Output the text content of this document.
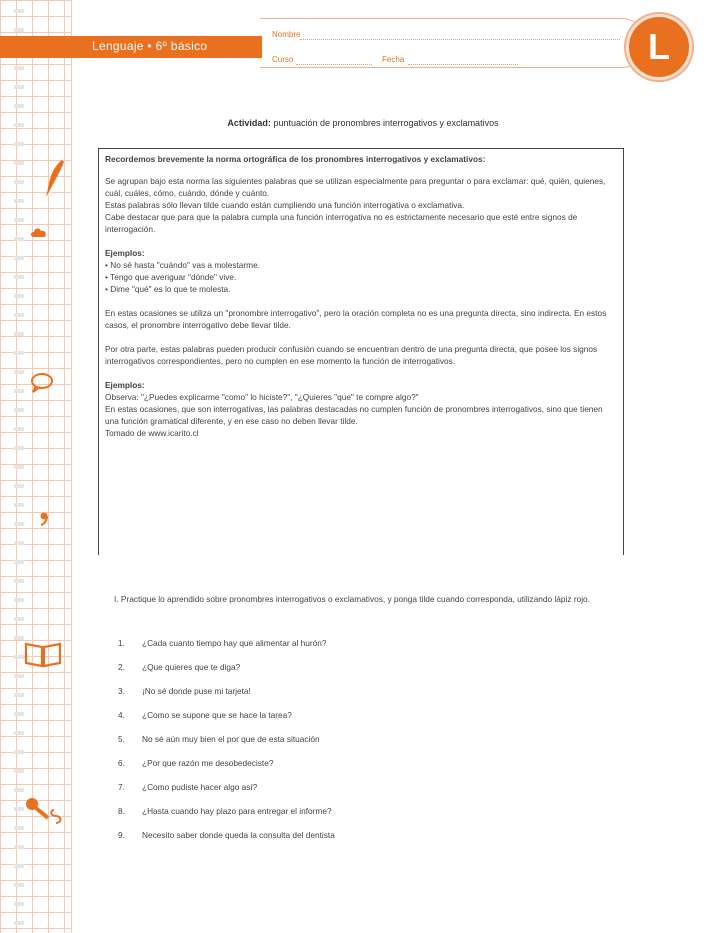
Lenguaje • 6º básico
Nombre
Curso	Fecha	L
Actividad: puntuación de pronombres interrogativos y exclamativos

Recordemos brevemente la norma ortográfica de los pronombres interrogativos y exclamativos:

Se agrupan bajo esta norma las siguientes palabras que se utilizan especialmente para preguntar o para exclamar: qué, quién, quienes, cuál, cuáles, cómo, cuándo, dónde y cuánto.

Estas palabras sólo llevan tilde cuando están cumpliendo una función interrogativa o exclamativa.

Cabe destacar que para que la palabra cumpla una función interrogativa no es estrictamente necesario que esté entre signos de interrogación.

Ejemplos:

• No sé hasta "cuándo" vas a molestarme.

• Tengo que averiguar "dónde" vive.

• Dime "qué" es lo que te molesta.

En estas ocasiones se utiliza un "pronombre interrogativo", pero la oración completa no es una pregunta directa, sino indirecta. En estos casos, el pronombre interrogativo debe llevar tilde.

Por otra parte, estas palabras pueden producir confusión cuando se encuentran dentro de una pregunta directa, que posee los signos interrogativos correspondientes, pero no cumplen en ese momento la función de interrogativos.

Ejemplos:

Observa: "¿Puedes explicarme "como" lo hiciste?", "¿Quieres "que" te compre algo?"

En estas ocasiones, que son interrogativas, las palabras destacadas no cumplen función de pronombres interrogativos, sino que tienen una función gramatical diferente, y en ese caso no deben llevar tilde.

Tomado de www.icarito.cl

I. Practique lo aprendido sobre pronombres interrogativos o exclamativos, y ponga tilde cuando corresponda, utilizando lápiz rojo.
1.	¿Cada cuanto tiempo hay que alimentar al hurón?
2.	¿Que quieres que te diga?
3.	¡No sé donde puse mi tarjeta!
4.	¿Como se supone que se hace la tarea?
5.	No sé aún muy bien el por que de esta situación
6.	¿Por que razón me desobedeciste?
7.	¿Como pudiste hacer algo así?
8.	¿Hasta cuando hay plazo para entregar el informe?
9.	Necesito saber donde queda la consulta del dentista
